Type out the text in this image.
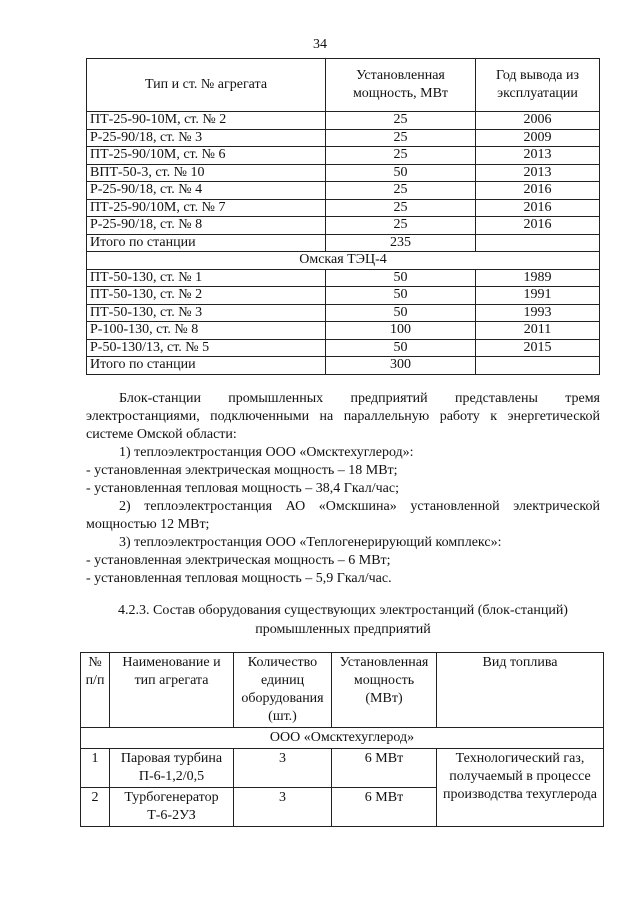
34
Тип и ст. № агрегата	Установленная мощность, МВт	Год вывода из эксплуатации
ПТ-25-90-10М, ст. № 2	25	2006
Р-25-90/18, ст. № 3	25	2009
ПТ-25-90/10М, ст. № 6	25	2013
ВПТ-50-3, ст. № 10	50	2013
Р-25-90/18, ст. № 4	25	2016
ПТ-25-90/10М, ст. № 7	25	2016
Р-25-90/18, ст. № 8	25	2016
Итого по станции	235	
Омская ТЭЦ-4		
ПТ-50-130, ст. № 1	50	1989
ПТ-50-130, ст. № 2	50	1991
ПТ-50-130, ст. № 3	50	1993
Р-100-130, ст. № 8	100	2011
Р-50-130/13, ст. № 5	50	2015
Итого по станции	300	
Блок-станции промышленных предприятий представлены тремя
электростанциями, подключенными на параллельную работу к энергетической
системе Омской области:
1) теплоэлектростанция ООО «Омсктехуглерод»:
- установленная электрическая мощность – 18 МВт;
- установленная тепловая мощность – 38,4 Гкал/час;
2) теплоэлектростанция АО «Омскшина» установленной электрической
мощностью 12 МВт;
3) теплоэлектростанция ООО «Теплогенерирующий комплекс»:
- установленная электрическая мощность – 6 МВт;
- установленная тепловая мощность – 5,9 Гкал/час.
4.2.3. Состав оборудования существующих электростанций (блок-станций)
промышленных предприятий
№ п/п	Наименование и тип агрегата	Количество единиц оборудования (шт.)	Установленная мощность (МВт)	Вид топлива
ООО «Омсктехуглерод»				
1	Паровая турбина П-6-1,2/0,5	3	6 МВт	Технологический газ, получаемый в процессе производства техуглерода
2	Турбогенератор Т-6-2УЗ	3	6 МВт	
